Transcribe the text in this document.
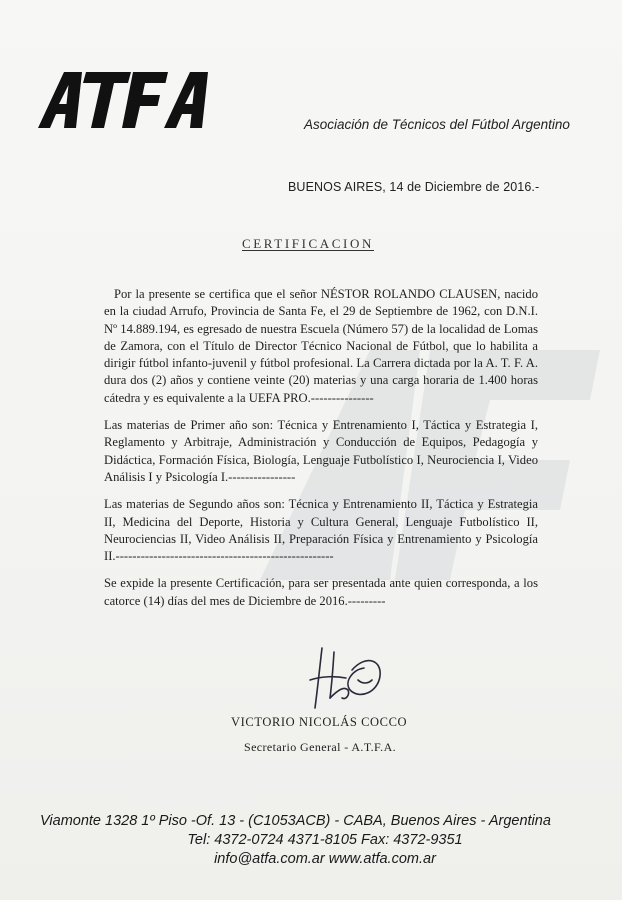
Asociación de Técnicos del Fútbol Argentino
BUENOS AIRES, 14 de Diciembre de 2016.-
CERTIFICACION

Por la presente se certifica que el señor NÉSTOR ROLANDO CLAUSEN, nacido en la ciudad Arrufo, Provincia de Santa Fe, el 29 de Septiembre de 1962, con D.N.I. Nº 14.889.194, es egresado de nuestra Escuela (Número 57) de la localidad de Lomas de Zamora, con el Título de Director Técnico Nacional de Fútbol, que lo habilita a dirigir fútbol infanto-juvenil y fútbol profesional. La Carrera dictada por la A. T. F. A. dura dos (2) años y contiene veinte (20) materias y una carga horaria de 1.400 horas cátedra y es equivalente a la UEFA PRO.---------------

Las materias de Primer año son: Técnica y Entrenamiento I, Táctica y Estrategia I, Reglamento y Arbitraje, Administración y Conducción de Equipos, Pedagogía y Didáctica, Formación Física, Biología, Lenguaje Futbolístico I, Neurociencia I, Video Análisis I y Psicología I.----------------

Las materias de Segundo años son: Técnica y Entrenamiento II, Táctica y Estrategia II, Medicina del Deporte, Historia y Cultura General, Lenguaje Futbolístico II, Neurociencias II, Video Análisis II, Preparación Física y Entrenamiento y Psicología II.----------------------------------------------------

Se expide la presente Certificación, para ser presentada ante quien corresponda, a los catorce (14) días del mes de Diciembre de 2016.---------

VICTORIO NICOLÁS COCCO
Secretario General - A.T.F.A.
Viamonte 1328 1º Piso -Of. 13 - (C1053ACB) - CABA, Buenos Aires - Argentina
Tel: 4372-0724 4371-8105 Fax: 4372-9351
info@atfa.com.ar www.atfa.com.ar
